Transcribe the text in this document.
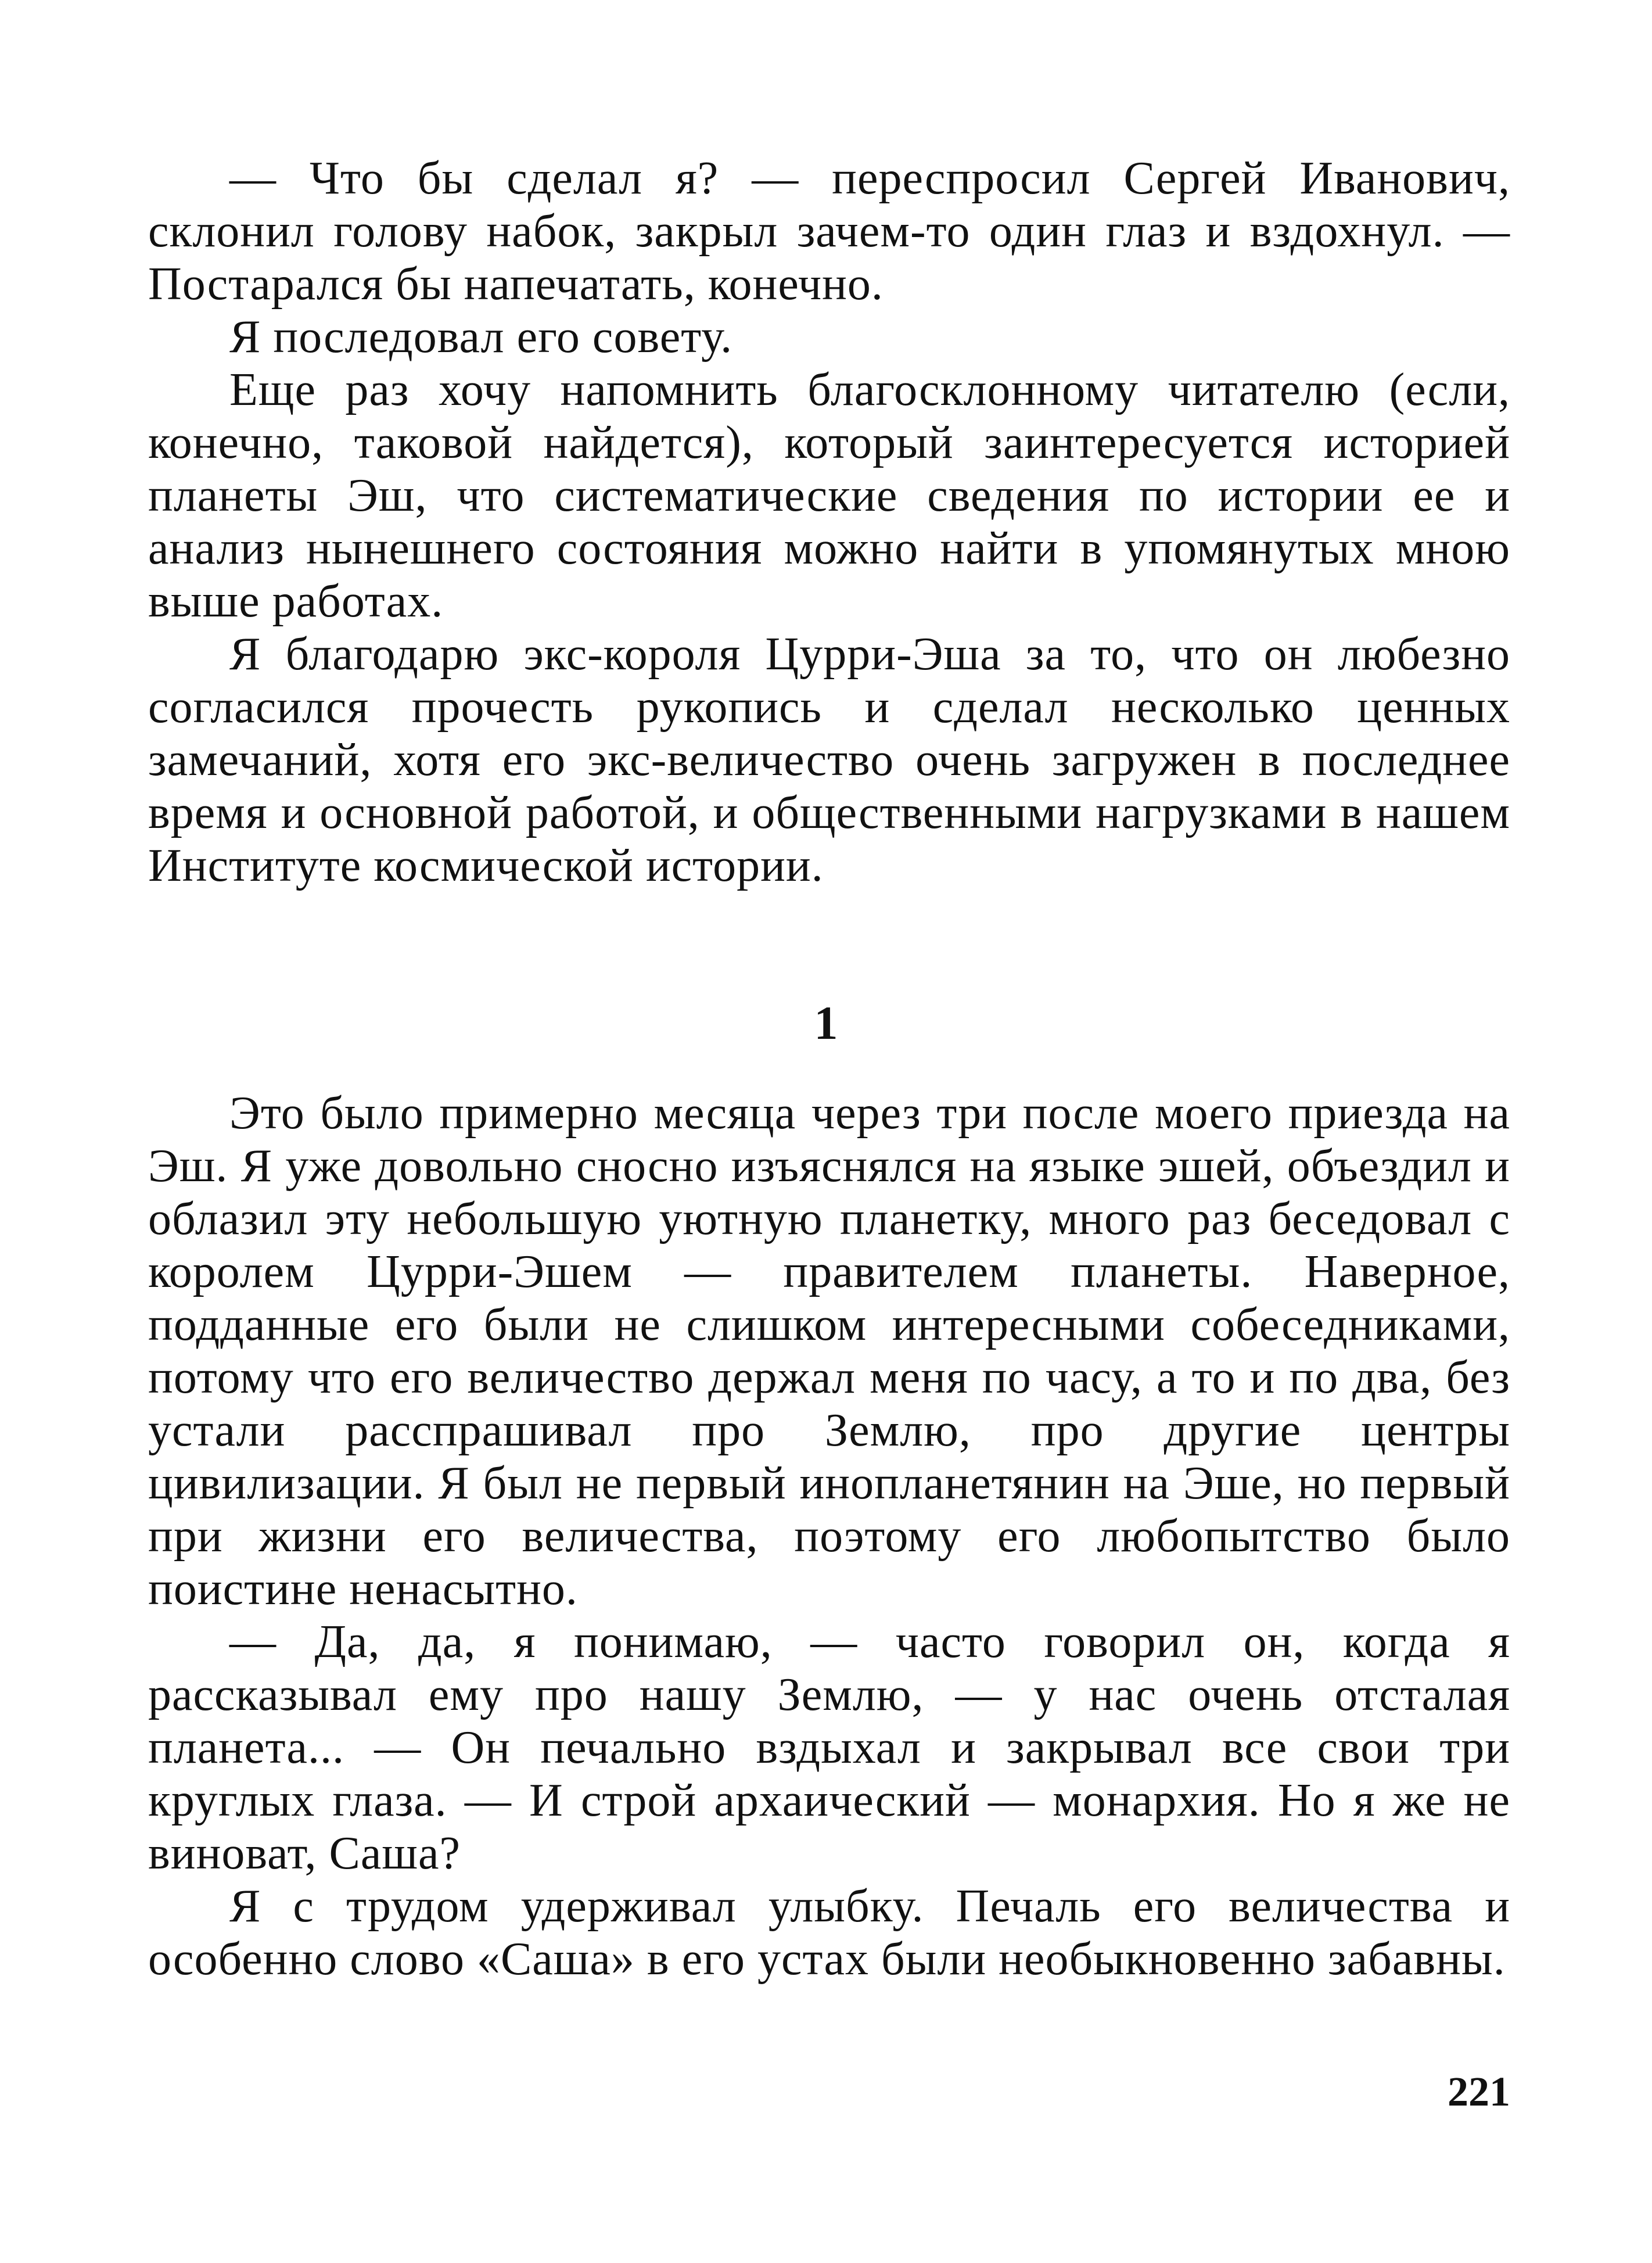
— Что бы сделал я? — переспросил Сергей Иванович, склонил голову набок, закрыл зачем-то один глаз и вздохнул. — Постарался бы напечатать, конечно.

Я последовал его совету.

Еще раз хочу напомнить благосклонному читателю (если, конечно, таковой найдется), который заинтересуется историей планеты Эш, что систематические сведения по истории ее и анализ нынешнего состояния можно найти в упомянутых мною выше работах.

Я благодарю экс-короля Цурри-Эша за то, что он любезно согласился прочесть рукопись и сделал несколько ценных замечаний, хотя его экс-величество очень загружен в последнее время и основной работой, и общественными нагрузками в нашем Институте космической истории.

1

Это было примерно месяца через три после моего приезда на Эш. Я уже довольно сносно изъяснялся на языке эшей, объездил и облазил эту небольшую уютную планетку, много раз беседовал с королем Цурри-Эшем — правителем планеты. Наверное, подданные его были не слишком интересными собеседниками, потому что его величество держал меня по часу, а то и по два, без устали расспрашивал про Землю, про другие центры цивилизации. Я был не первый инопланетянин на Эше, но первый при жизни его величества, поэтому его любопытство было поистине ненасытно.

— Да, да, я понимаю, — часто говорил он, когда я рассказывал ему про нашу Землю, — у нас очень отсталая планета... — Он печально вздыхал и закрывал все свои три круглых глаза. — И строй архаический — монархия. Но я же не виноват, Саша?

Я с трудом удерживал улыбку. Печаль его величества и особенно слово «Саша» в его устах были необыкновенно забавны.

221
